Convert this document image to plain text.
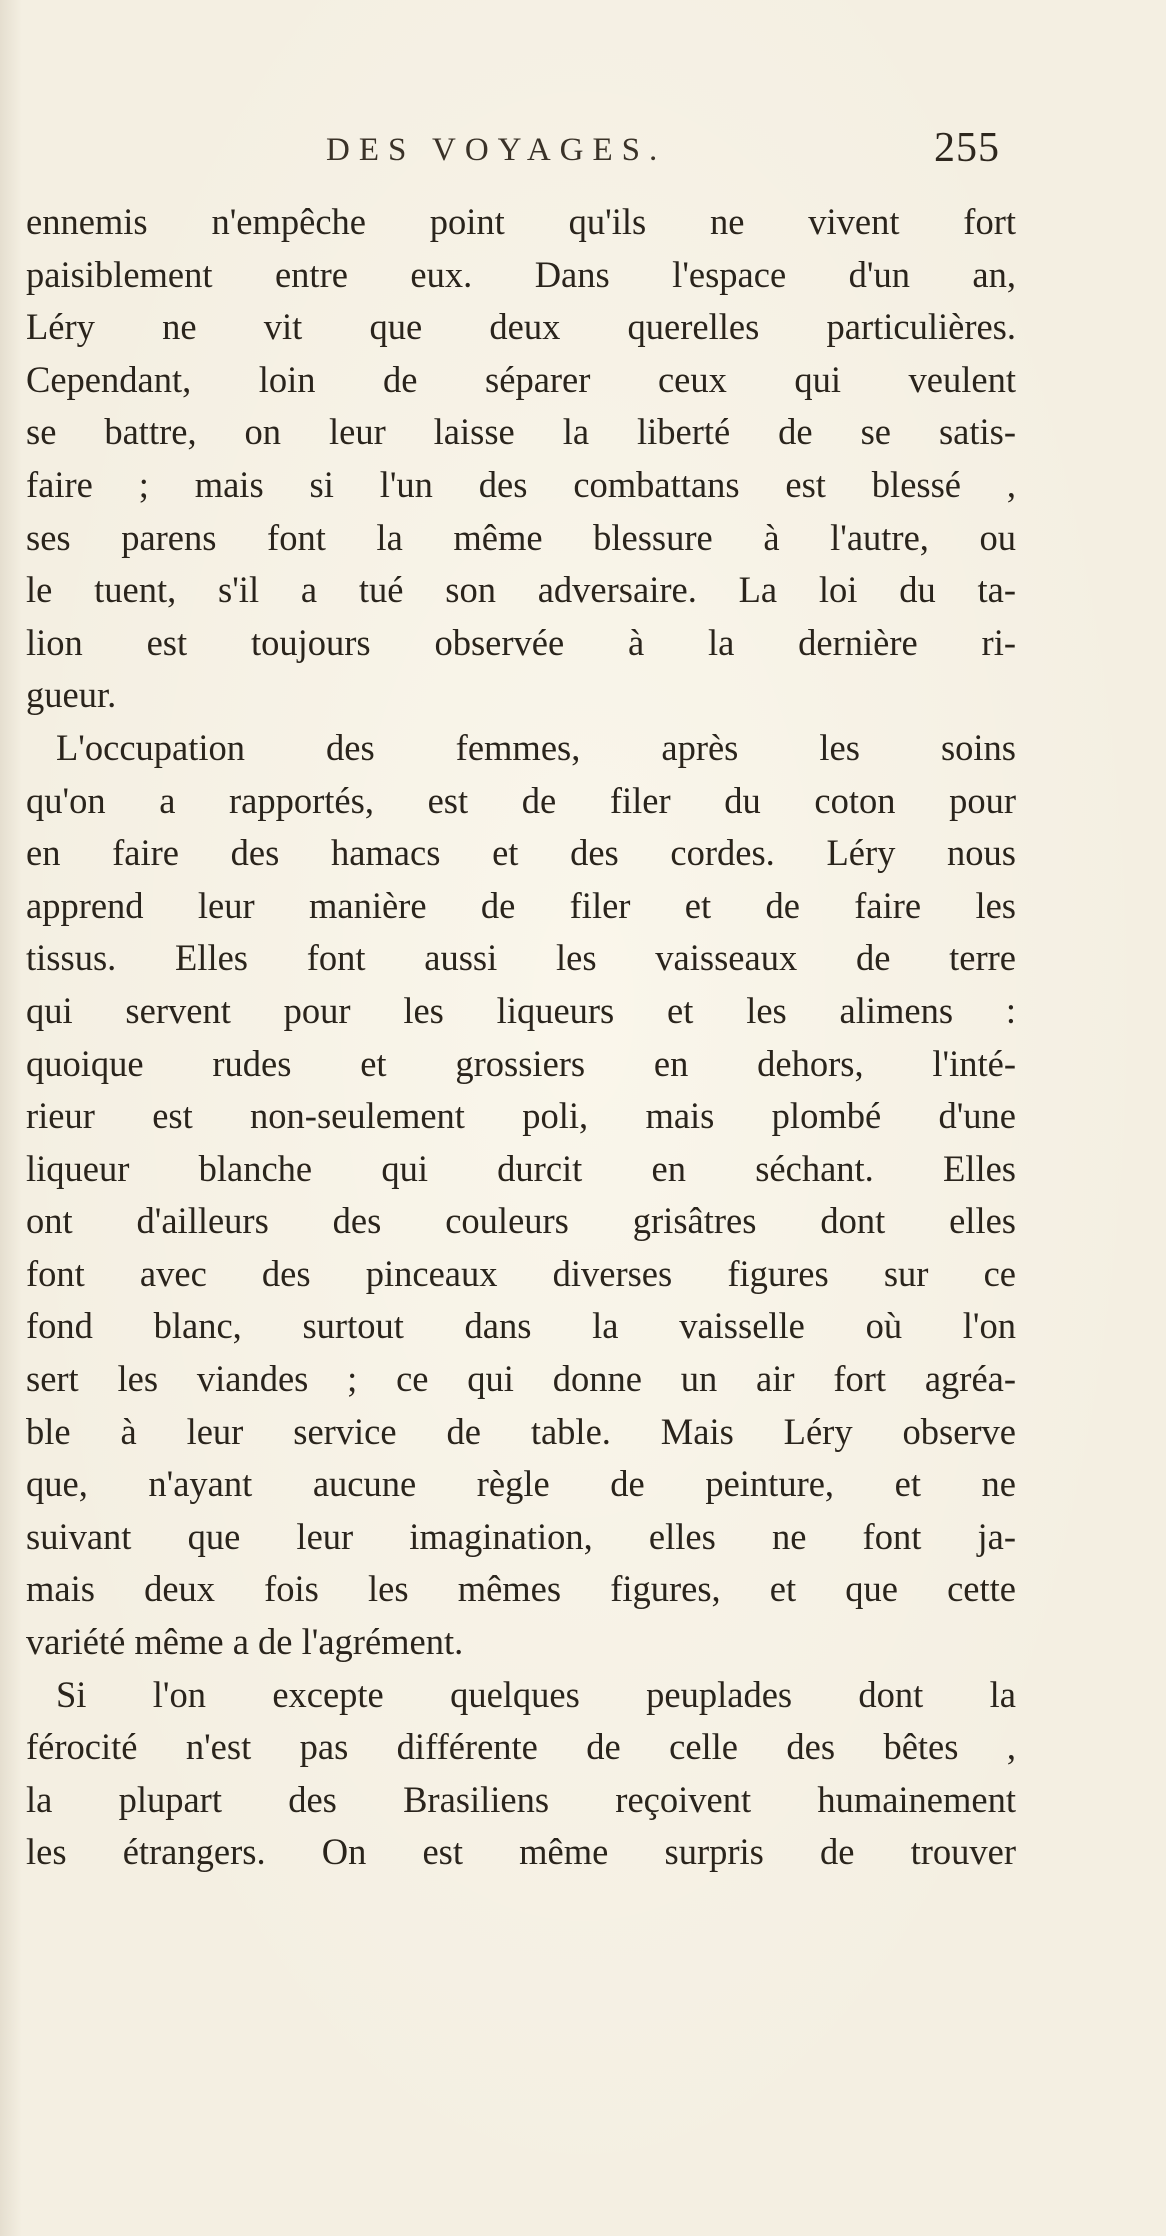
DES VOYAGES.	255
ennemis n'empêche point qu'ils ne vivent fort
paisiblement entre eux. Dans l'espace d'un an,
Léry ne vit que deux querelles particulières.
Cependant, loin de séparer ceux qui veulent
se battre, on leur laisse la liberté de se satis-
faire ; mais si l'un des combattans est blessé ,
ses parens font la même blessure à l'autre, ou
le tuent, s'il a tué son adversaire. La loi du ta-
lion est toujours observée à la dernière ri-
gueur.
L'occupation des femmes, après les soins
qu'on a rapportés, est de filer du coton pour
en faire des hamacs et des cordes. Léry nous
apprend leur manière de filer et de faire les
tissus. Elles font aussi les vaisseaux de terre
qui servent pour les liqueurs et les alimens :
quoique rudes et grossiers en dehors, l'inté-
rieur est non-seulement poli, mais plombé d'une
liqueur blanche qui durcit en séchant. Elles
ont d'ailleurs des couleurs grisâtres dont elles
font avec des pinceaux diverses figures sur ce
fond blanc, surtout dans la vaisselle où l'on
sert les viandes ; ce qui donne un air fort agréa-
ble à leur service de table. Mais Léry observe
que, n'ayant aucune règle de peinture, et ne
suivant que leur imagination, elles ne font ja-
mais deux fois les mêmes figures, et que cette
variété même a de l'agrément.
Si l'on excepte quelques peuplades dont la
férocité n'est pas différente de celle des bêtes ,
la plupart des Brasiliens reçoivent humainement
les étrangers. On est même surpris de trouver
